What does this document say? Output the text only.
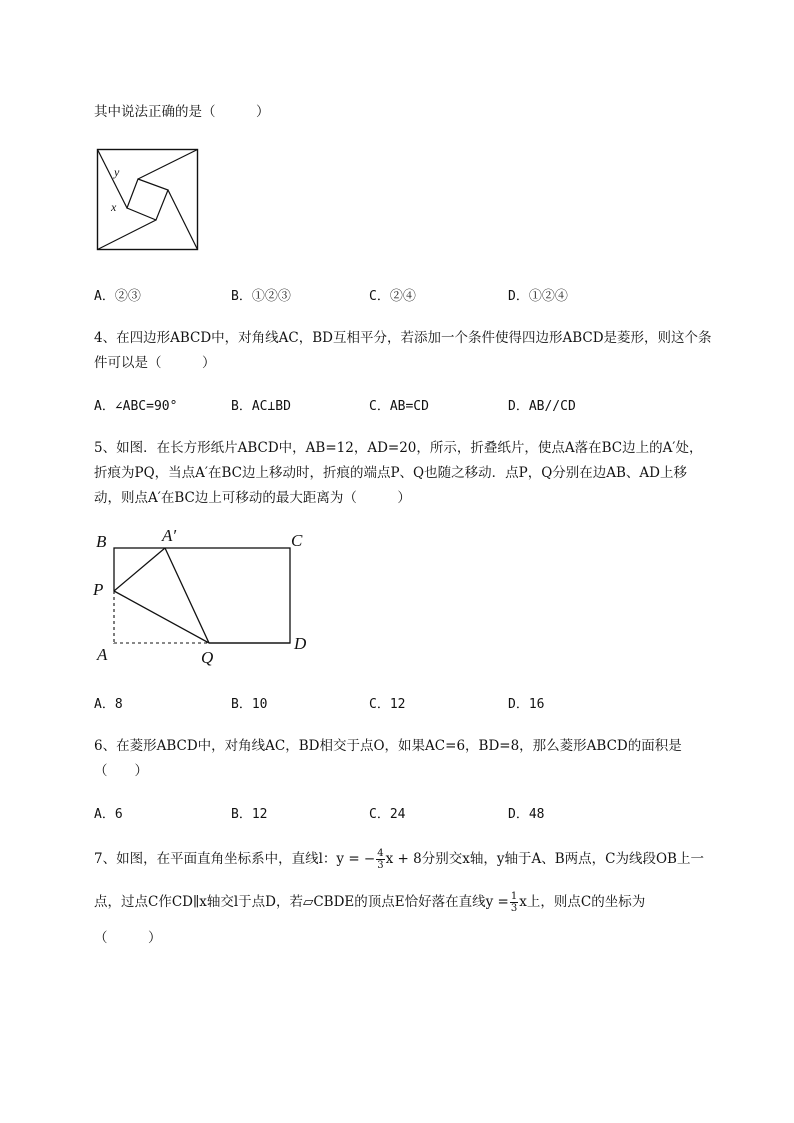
其中说法正确的是（　　　）
y
x
A．②③	B．①②③	C．②④	D．①②④
4、在四边形ABCD中，对角线AC，BD互相平分，若添加一个条件使得四边形ABCD是菱形，则这个条
件可以是（　　　）
A．∠ABC=90°	B．AC⊥BD	C．AB=CD	D．AB//CD
5、如图．在长方形纸片ABCD中，AB=12，AD=20，所示，折叠纸片，使点A落在BC边上的A′处，
折痕为PQ，当点A′在BC边上移动时，折痕的端点P、Q也随之移动．点P，Q分别在边AB、AD上移
动，则点A′在BC边上可移动的最大距离为（　　　）
B	A′	C
P
A	Q
D
A．8	B．10	C．12	D．16
6、在菱形ABCD中，对角线AC，BD相交于点O，如果AC=6，BD=8，那么菱形ABCD的面积是
（　　）
A．6	B．12	C．24	D．48
7、如图，在平面直角坐标系中，直线l：y = − $\frac{4}{3}$ x + 8分别交x轴，y轴于A、B两点，C为线段OB上一
点，过点C作CD∥x轴交l于点D，若▱CBDE的顶点E恰好落在直线$y = \frac{1}{3}$ x上，则点C的坐标为
（　　　）
